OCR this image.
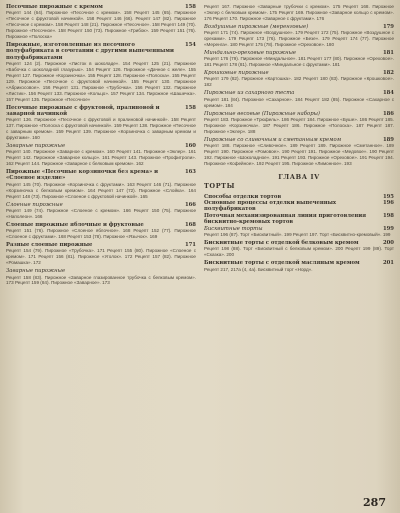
Песочные пирожные с кремом	158
Рецепт 144 (64). Пирожное «Песочное с кремом». 158 Рецепт 145 (65). Пирожное «Песочное с фруктовой начинкой». 158 Рецепт 146 (66). Рецепт 147 (82). Пирожное «Песочное с кремом». 158 Рецепт 148 (21). Пирожное «Песочное». 158 Рецепт 149 (70). Пирожное «Песочное». 158 Рецепт 150 (73). Пирожное «Грибок». 159 Рецепт 151 (76). Пирожное «Полоска»
Пирожные, изготовленные из песочного полуфабриката в сочетании с другими выпеченными полуфабрикатами
154
Рецепт 124 (2). Пирожное «Листок в шоколаде». 154 Рецепт 125 (21). Пирожное «Бабочка с шоколадной глазурью». 154 Рецепт 126. Пирожное «Дачное с желе». 155 Рецепт 127. Пирожное «Корзиночка». 155 Рецепт 128. Пирожное «Полоска». 155 Рецепт 129. Пирожное «Песочное с фруктовой начинкой». 155 Рецепт 130. Пирожное «Абрикосовое». 156 Рецепт 131. Пирожное «Трубочка». 156 Рецепт 132. Пирожное «Листик». 156 Рецепт 133. Пирожное «Кольцо». 157 Рецепт 134. Пирожное «Шашечка». 157 Рецепт 135. Пирожное «Песочное»
Песочные пирожные с фруктовой, пралиновой и заварной начинкой
158
Рецепт 136. Пирожное «Песочное с фруктовой и пралиновой начинкой». 158 Рецепт 137. Пирожное «Полоска с фруктовой начинкой». 159 Рецепт 138. Пирожное «Песочное с заварным кремом». 159 Рецепт 139. Пирожное «Корзиночка с заварным кремом и фруктами». 160
Заварные пирожные	160
Рецепт 140. Пирожное «Заварное с кремом». 160 Рецепт 141. Пирожное «Эклер». 161 Рецепт 142. Пирожное «Заварное кольцо». 161 Рецепт 143. Пирожное «Профитроли». 162 Рецепт 144. Пирожное «Заварное с белковым кремом». 162
Пирожные «Песочные корзиночки без крема» и «Слоеное изделие»
163
Рецепт 145 (70). Пирожное «Корзиночка с фруктами». 163 Рецепт 146 (71). Пирожное «Корзиночка с белковым кремом». 164 Рецепт 147 (72). Пирожное «Слойка». 164 Рецепт 148 (73). Пирожное «Слоеное с фруктовой начинкой». 165
Слоеные пирожные	166
Рецепт 149 (74). Пирожное «Слоеное с кремом». 166 Рецепт 150 (75). Пирожное «Наполеон». 166
Слоеные пирожные яблочные и фруктовые	168
Рецепт 151 (76). Пирожное «Слоеное яблочное». 168 Рецепт 152 (77). Пирожное «Слоеное с фруктами». 168 Рецепт 153 (78). Пирожное «Язычок». 169
Разные слоеные пирожные	171
Рецепт 154 (79). Пирожное «Трубочка». 171 Рецепт 155 (80). Пирожное «Слоеное с кремом». 171 Рецепт 156 (81). Пирожное «Уголок». 172 Рецепт 157 (82). Пирожное «Ромашка». 172
Заварные пирожные
Рецепт 158 (83). Пирожное «Заварное глазированное трубочка с белковым кремом». 173 Рецепт 159 (84). Пирожное «Заварное». 173
Рецепт 167. Пирожное «Заварные трубочки с кремом». 175 Рецепт 168. Пирожное «Эклер с белковым кремом». 175 Рецепт 169. Пирожное «Заварное кольцо с кремом». 176 Рецепт 170. Пирожное «Заварное с фруктами». 176
Воздушные пирожные (меренговые)	179
Рецепт 171 (74). Пирожное «Воздушное». 179 Рецепт 172 (75). Пирожное «Воздушное с орехами». 179 Рецепт 173 (76). Пирожное «Безе». 179 Рецепт 174 (77). Пирожное «Меренга». 180 Рецепт 175 (78). Пирожное «Ореховое». 180
Миндально-ореховые пирожные	181
Рецепт 176 (79). Пирожное «Миндальное». 181 Рецепт 177 (80). Пирожное «Ореховое». 181 Рецепт 178 (81). Пирожное «Миндальное с фруктами». 181
Крошковые пирожные	182
Рецепт 179 (82). Пирожное «Картошка». 182 Рецепт 180 (83). Пирожное «Крошковое». 182
Пирожные из сахарного теста	184
Рецепт 181 (84). Пирожное «Сахарное». 184 Рецепт 182 (85). Пирожное «Сахарное с кремом». 184
Пирожные весовые (Пирожные наборы)	186
Рецепт 183. Пирожное «Трюфель». 186 Рецепт 184. Пирожное «Буше». 186 Рецепт 185. Пирожное «Корзиночка». 187 Рецепт 186. Пирожное «Полоска». 187 Рецепт 187. Пирожное «Эклер». 188
Пирожные со сливочным и сметанным кремом	189
Рецепт 188. Пирожное «Сливочное». 189 Рецепт 189. Пирожное «Сметанное». 189 Рецепт 190. Пирожное «Ромовое». 190 Рецепт 191. Пирожное «Медовое». 190 Рецепт 192. Пирожное «Шоколадное». 191 Рецепт 193. Пирожное «Ореховое». 191 Рецепт 194. Пирожное «Кофейное». 192 Рецепт 195. Пирожное «Лимонное». 193
ГЛАВА IV
ТОРТЫ
Способы отделки тортов	195
Основные процессы отделки выпеченных полуфабрикатов
196
Поточная механизированная линия приготовления бисквитно-кремовых тортов
198
Бисквитные торты	199
Рецепт 196 (87). Торт «Бисквитный». 199 Рецепт 197. Торт «Бисквитно-кремовый». 199
Бисквитные торты с отделкой белковым кремом	200
Рецепт 198 (88). Торт «Бисквитный с белковым кремом». 200 Рецепт 199 (89). Торт «Сказка». 200
Бисквитные торты с отделкой масляным кремом	201
Рецепт 217, 217а (4, 4а). Бисквитный торт «Норд».
287
